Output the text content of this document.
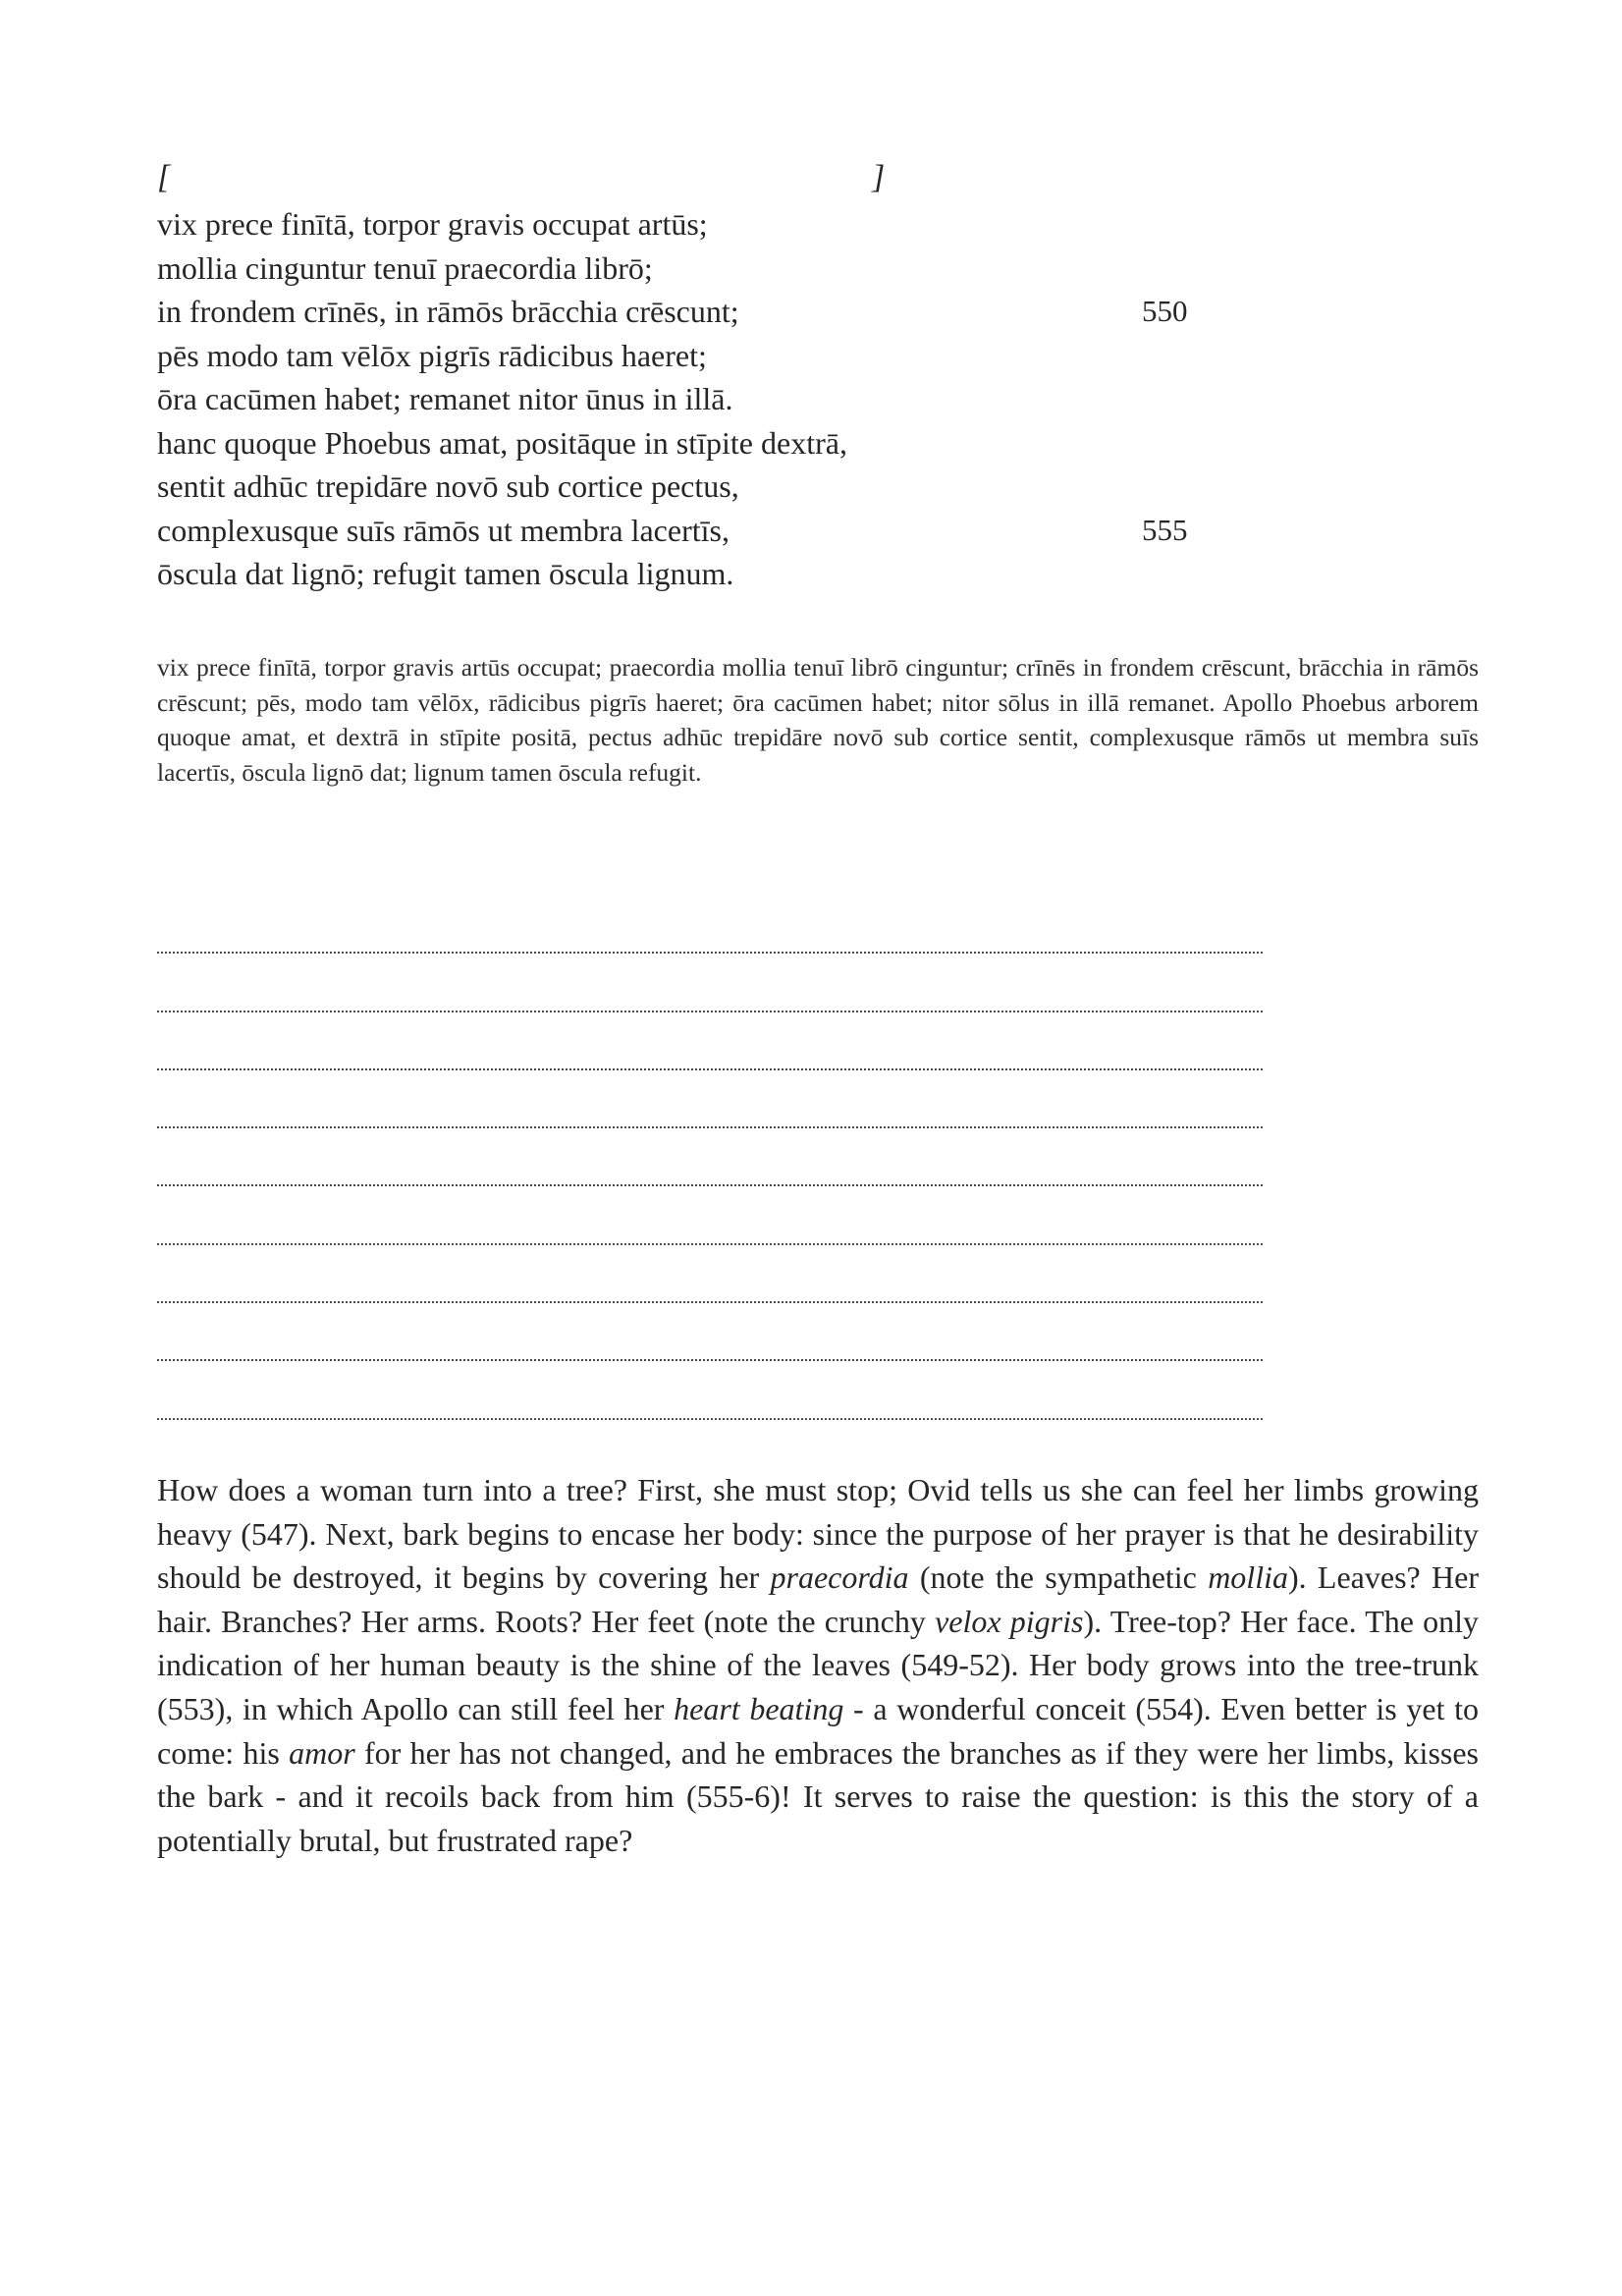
[	]
vix prece finītā, torpor gravis occupat artūs;
mollia cinguntur tenuī praecordia librō;
in frondem crīnēs, in rāmōs brācchia crēscunt;	550
pēs modo tam vēlōx pigrīs rādicibus haeret;
ōra cacūmen habet; remanet nitor ūnus in illā.
hanc quoque Phoebus amat, positāque in stīpite dextrā,
sentit adhūc trepidāre novō sub cortice pectus,
complexusque suīs rāmōs ut membra lacertīs,	555
ōscula dat lignō; refugit tamen ōscula lignum.

vix prece finītā, torpor gravis artūs occupat; praecordia mollia tenuī librō cinguntur; crīnēs in frondem crēscunt, brācchia in rāmōs crēscunt; pēs, modo tam vēlōx, rādicibus pigrīs haeret; ōra cacūmen habet; nitor sōlus in illā remanet. Apollo Phoebus arborem quoque amat, et dextrā in stīpite positā, pectus adhūc trepidāre novō sub cortice sentit, complexusque rāmōs ut membra suīs lacertīs, ōscula lignō dat; lignum tamen ōscula refugit.

How does a woman turn into a tree? First, she must stop; Ovid tells us she can feel her limbs growing heavy (547). Next, bark begins to encase her body: since the purpose of her prayer is that he desirability should be destroyed, it begins by covering her praecordia (note the sympathetic mollia). Leaves? Her hair. Branches? Her arms. Roots? Her feet (note the crunchy velox pigris). Tree-top? Her face. The only indication of her human beauty is the shine of the leaves (549-52). Her body grows into the tree-trunk (553), in which Apollo can still feel her heart beating - a wonderful conceit (554). Even better is yet to come: his amor for her has not changed, and he embraces the branches as if they were her limbs, kisses the bark - and it recoils back from him (555-6)! It serves to raise the question: is this the story of a potentially brutal, but frustrated rape?
